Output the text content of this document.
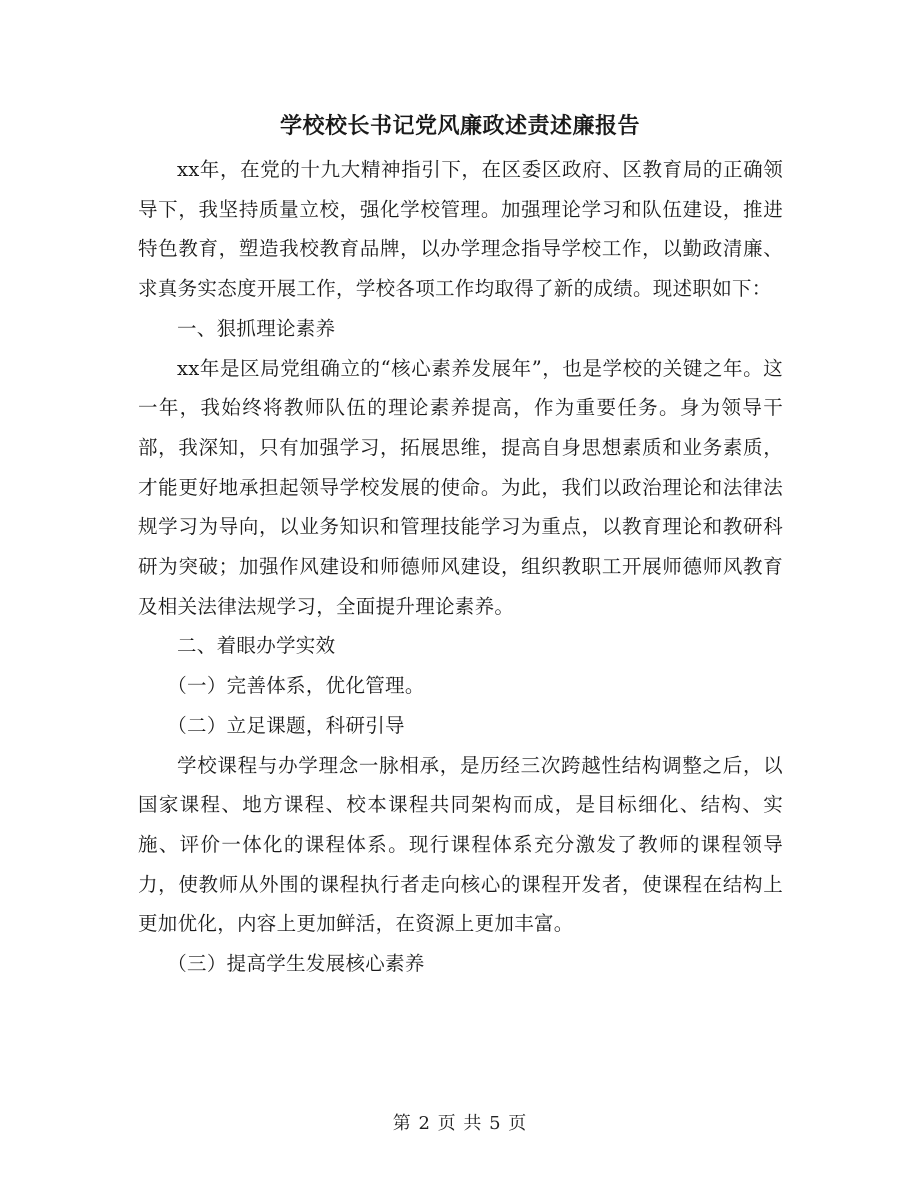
学校校长书记党风廉政述责述廉报告

xx年，在党的十九大精神指引下，在区委区政府、区教育局的正确领导下，我坚持质量立校，强化学校管理。加强理论学习和队伍建设，推进特色教育，塑造我校教育品牌，以办学理念指导学校工作，以勤政清廉、求真务实态度开展工作，学校各项工作均取得了新的成绩。现述职如下：

一、狠抓理论素养

xx年是区局党组确立的“核心素养发展年”，也是学校的关键之年。这一年，我始终将教师队伍的理论素养提高，作为重要任务。身为领导干部，我深知，只有加强学习，拓展思维，提高自身思想素质和业务素质，才能更好地承担起领导学校发展的使命。为此，我们以政治理论和法律法规学习为导向，以业务知识和管理技能学习为重点，以教育理论和教研科研为突破；加强作风建设和师德师风建设，组织教职工开展师德师风教育及相关法律法规学习，全面提升理论素养。

二、着眼办学实效

（一）完善体系，优化管理。

（二）立足课题，科研引导

学校课程与办学理念一脉相承，是历经三次跨越性结构调整之后，以国家课程、地方课程、校本课程共同架构而成，是目标细化、结构、实施、评价一体化的课程体系。现行课程体系充分激发了教师的课程领导力，使教师从外围的课程执行者走向核心的课程开发者，使课程在结构上更加优化，内容上更加鲜活，在资源上更加丰富。

（三）提高学生发展核心素养

第 2 页 共 5 页
